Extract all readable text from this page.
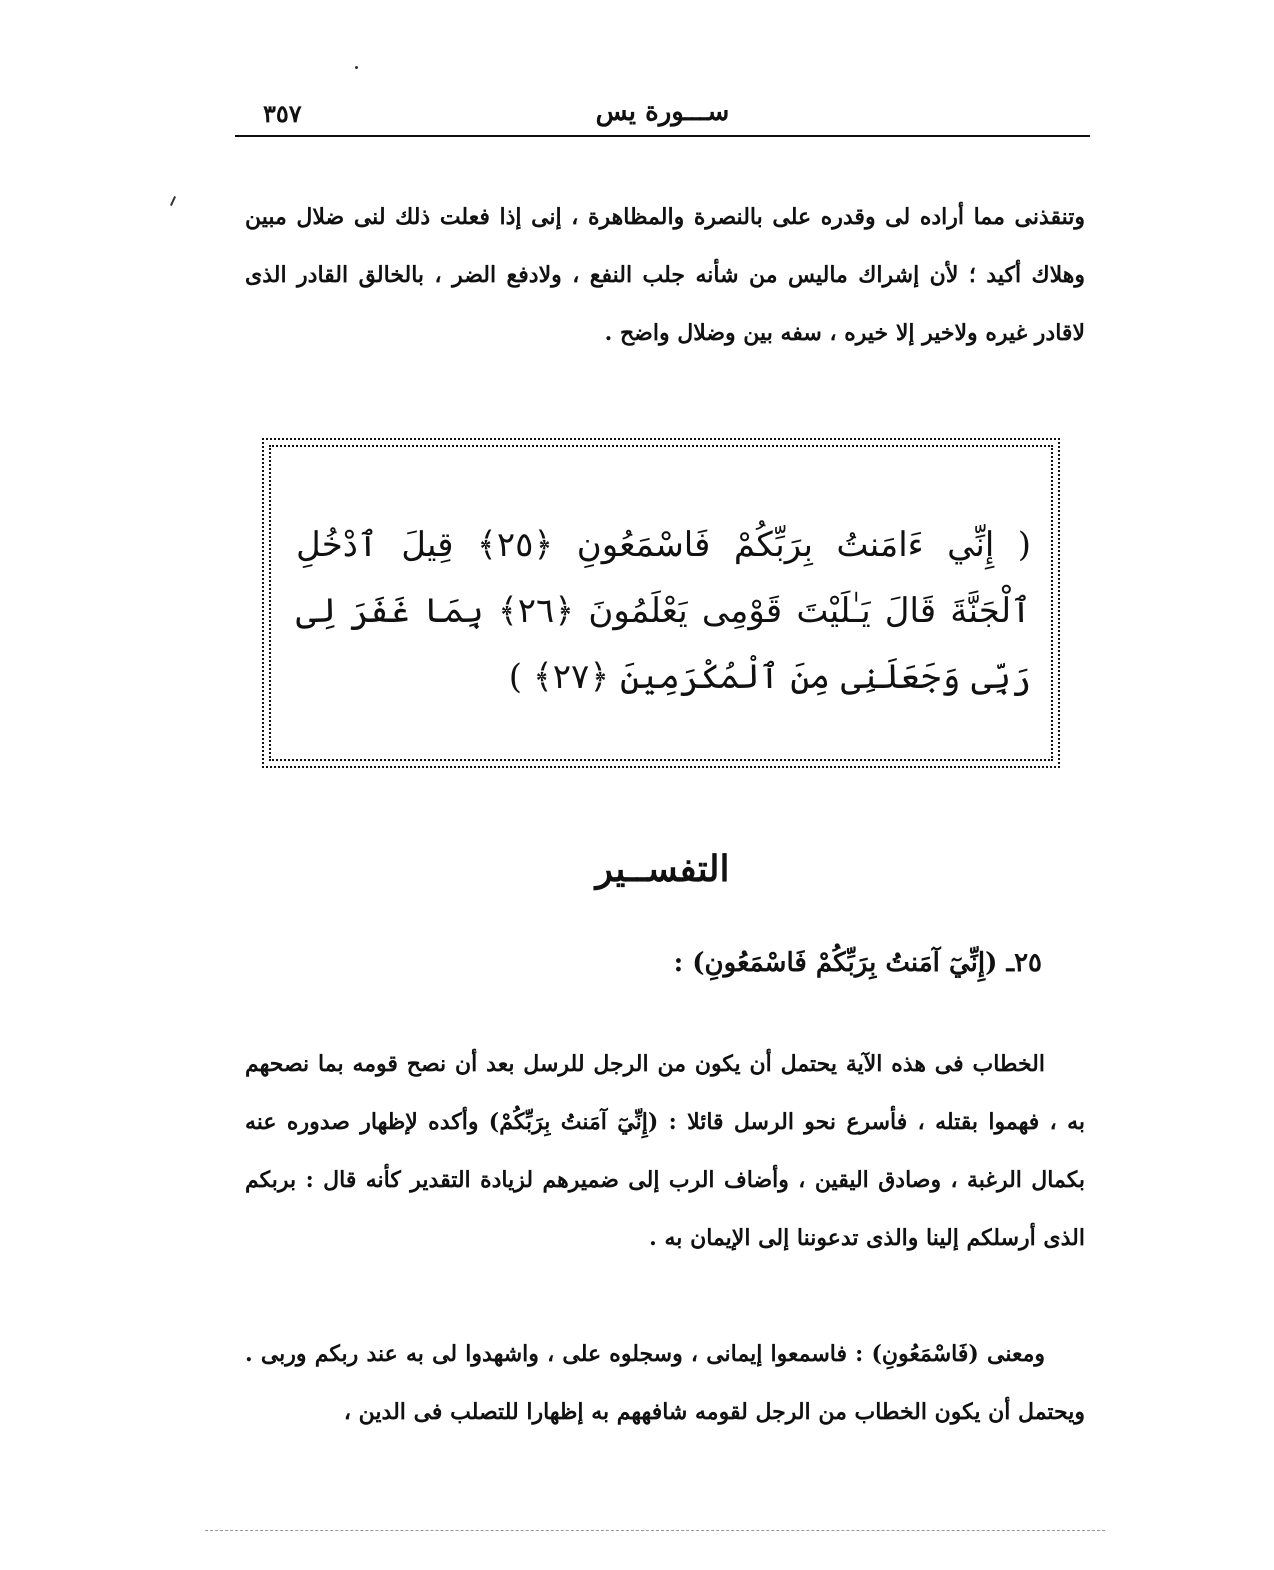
٣٥٧	ســـورة يس

وتنقذنى مما أراده لى وقدره على بالنصرة والمظاهرة ، إنى إذا فعلت ذلك لنى ضلال مبين وهلاك أكيد ؛ لأن إشراك ماليس من شأنه جلب النفع ، ولادفع الضر ، بالخالق القادر الذى لاقادر غيره ولاخير إلا خيره ، سفه بين وضلال واضح .

( إِنِّي ءَامَنتُ بِرَبِّكُمْ فَاسْمَعُونِ ﴿٢٥﴾ قِيلَ ٱدْخُلِ ٱلْجَنَّةَ قَالَ يَـٰلَيْتَ قَوْمِى يَعْلَمُونَ ﴿٢٦﴾ بِمَا غَفَرَ لِى رَبِّى وَجَعَلَنِى مِنَ ٱلْمُكْرَمِينَ ﴿٢٧﴾ )

التفســير
٢٥ـ (إِنِّيٓ آمَنتُ بِرَبِّكُمْ فَاسْمَعُونِ) :

الخطاب فى هذه الآية يحتمل أن يكون من الرجل للرسل بعد أن نصح قومه بما نصحهم به ، فهموا بقتله ، فأسرع نحو الرسل قائلا : (إِنِّيٓ آمَنتُ بِرَبِّكُمْ) وأكده لإظهار صدوره عنه بكمال الرغبة ، وصادق اليقين ، وأضاف الرب إلى ضميرهم لزيادة التقدير كأنه قال : بربكم الذى أرسلكم إلينا والذى تدعوننا إلى الإيمان به .

ومعنى (فَاسْمَعُونِ) : فاسمعوا إيمانى ، وسجلوه على ، واشهدوا لى به عند ربكم وربى . ويحتمل أن يكون الخطاب من الرجل لقومه شافههم به إظهارا للتصلب فى الدين ،
